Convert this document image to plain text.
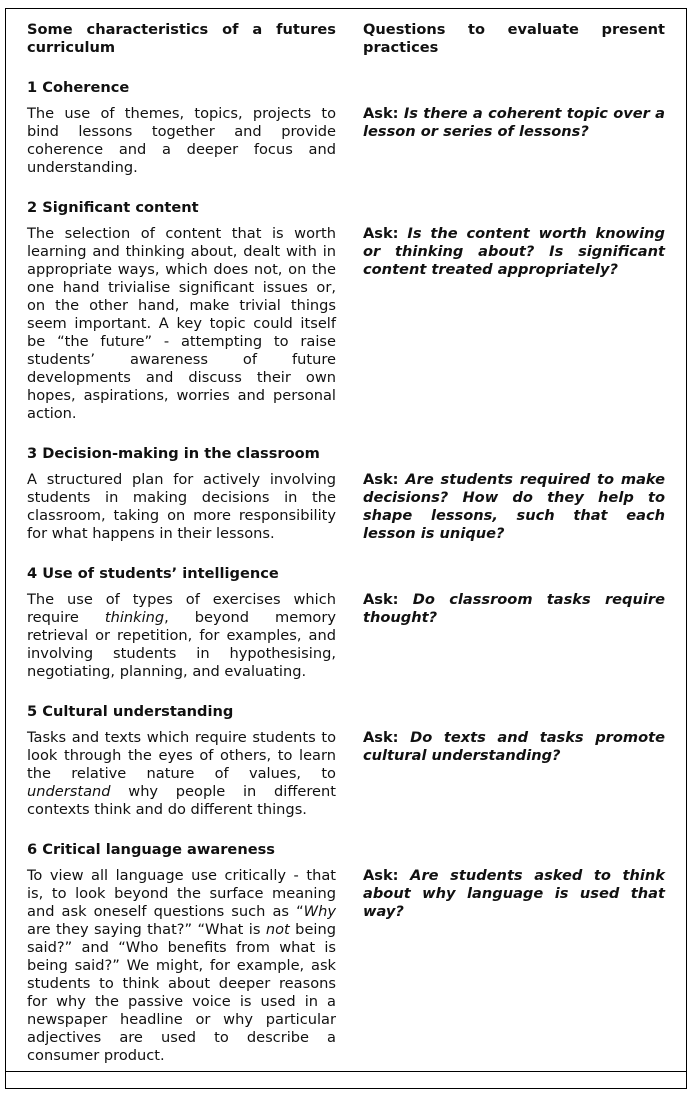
Some characteristics of a futures curriculum
Questions to evaluate present practices
1 Coherence
The use of themes, topics, projects to bind lessons together and provide coherence and a deeper focus and understanding.
Ask: Is there a coherent topic over a lesson or series of lessons?
2 Significant content
The selection of content that is worth learning and thinking about, dealt with in appropriate ways, which does not, on the one hand trivialise significant issues or, on the other hand, make trivial things seem important. A key topic could itself be “the future” - attempting to raise students’ awareness of future developments and discuss their own hopes, aspirations, worries and personal action.
Ask: Is the content worth knowing or thinking about? Is significant content treated appropriately?
3 Decision-making in the classroom
A structured plan for actively involving students in making decisions in the classroom, taking on more responsibility for what happens in their lessons.
Ask: Are students required to make decisions? How do they help to shape lessons, such that each lesson is unique?
4 Use of students’ intelligence
The use of types of exercises which require thinking, beyond memory retrieval or repetition, for examples, and involving students in hypothesising, negotiating, planning, and evaluating.
Ask: Do classroom tasks require thought?
5 Cultural understanding
Tasks and texts which require students to look through the eyes of others, to learn the relative nature of values, to understand why people in different contexts think and do different things.
Ask: Do texts and tasks promote cultural understanding?
6 Critical language awareness
To view all language use critically - that is, to look beyond the surface meaning and ask oneself questions such as “Why are they saying that?” “What is not being said?” and “Who benefits from what is being said?” We might, for example, ask students to think about deeper reasons for why the passive voice is used in a newspaper headline or why particular adjectives are used to describe a consumer product.
Ask: Are students asked to think about why language is used that way?
